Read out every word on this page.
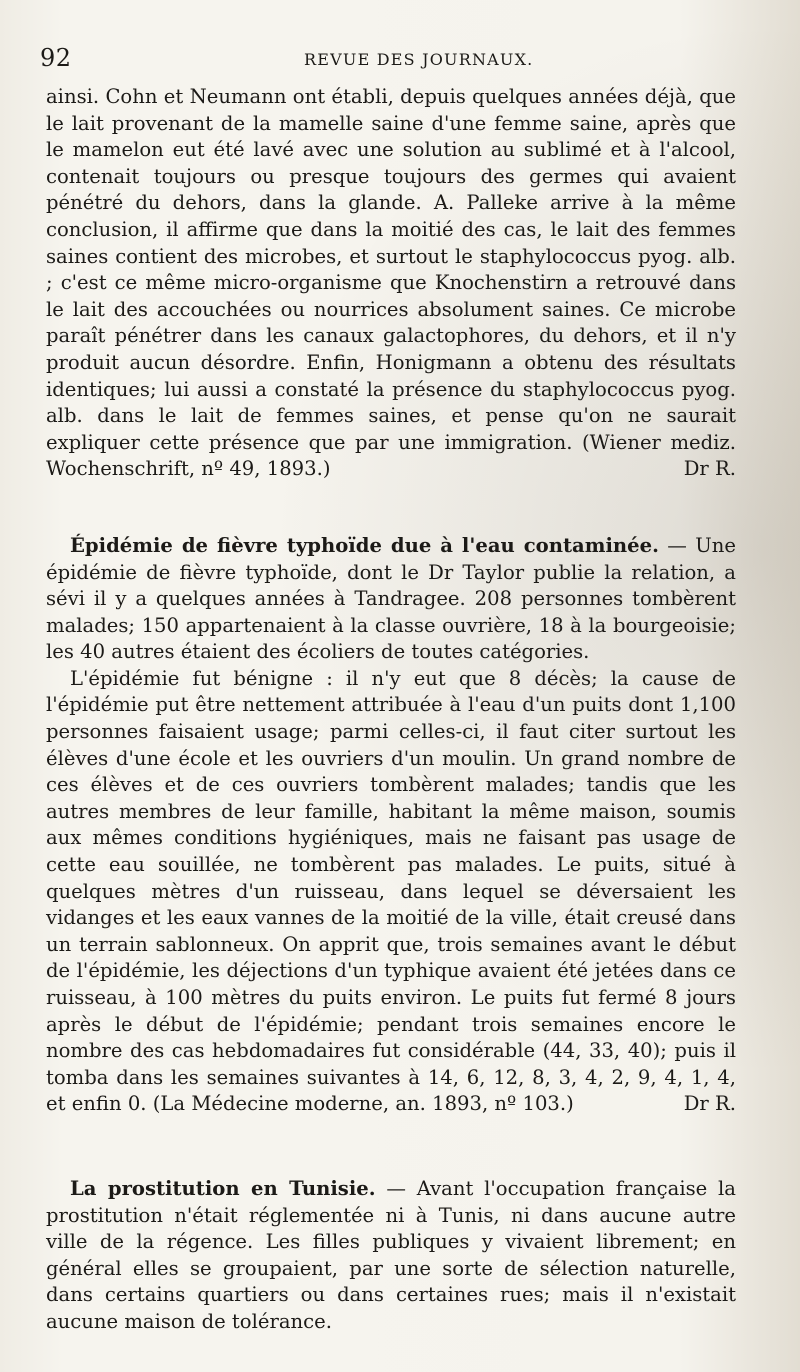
92	REVUE DES JOURNAUX.

ainsi. Cohn et Neumann ont établi, depuis quelques années déjà, que le lait provenant de la mamelle saine d'une femme saine, après que le mamelon eut été lavé avec une solution au sublimé et à l'alcool, contenait toujours ou presque toujours des germes qui avaient pénétré du dehors, dans la glande. A. Palleke arrive à la même conclusion, il affirme que dans la moitié des cas, le lait des femmes saines contient des microbes, et surtout le staphylococcus pyog. alb. ; c'est ce même micro-organisme que Knochenstirn a retrouvé dans le lait des accouchées ou nourrices absolument saines. Ce microbe paraît pénétrer dans les canaux galactophores, du dehors, et il n'y produit aucun désordre. Enfin, Honigmann a obtenu des résultats identiques; lui aussi a constaté la présence du staphylococcus pyog. alb. dans le lait de femmes saines, et pense qu'on ne saurait expliquer cette présence que par une immigration. (Wiener mediz. Wochenschrift, nº 49, 1893.)	Dr R.

Épidémie de fièvre typhoïde due à l'eau contaminée. — Une épidémie de fièvre typhoïde, dont le Dr Taylor publie la relation, a sévi il y a quelques années à Tandragee. 208 personnes tombèrent malades; 150 appartenaient à la classe ouvrière, 18 à la bourgeoisie; les 40 autres étaient des écoliers de toutes catégories.

L'épidémie fut bénigne : il n'y eut que 8 décès; la cause de l'épidémie put être nettement attribuée à l'eau d'un puits dont 1,100 personnes faisaient usage; parmi celles-ci, il faut citer surtout les élèves d'une école et les ouvriers d'un moulin. Un grand nombre de ces élèves et de ces ouvriers tombèrent malades; tandis que les autres membres de leur famille, habitant la même maison, soumis aux mêmes conditions hygiéniques, mais ne faisant pas usage de cette eau souillée, ne tombèrent pas malades. Le puits, situé à quelques mètres d'un ruisseau, dans lequel se déversaient les vidanges et les eaux vannes de la moitié de la ville, était creusé dans un terrain sablonneux. On apprit que, trois semaines avant le début de l'épidémie, les déjections d'un typhique avaient été jetées dans ce ruisseau, à 100 mètres du puits environ. Le puits fut fermé 8 jours après le début de l'épidémie; pendant trois semaines encore le nombre des cas hebdomadaires fut considérable (44, 33, 40); puis il tomba dans les semaines suivantes à 14, 6, 12, 8, 3, 4, 2, 9, 4, 1, 4, et enfin 0. (La Médecine moderne, an. 1893, nº 103.)	Dr R.

La prostitution en Tunisie. — Avant l'occupation française la prostitution n'était réglementée ni à Tunis, ni dans aucune autre ville de la régence. Les filles publiques y vivaient librement; en général elles se groupaient, par une sorte de sélection naturelle, dans certains quartiers ou dans certaines rues; mais il n'existait aucune maison de tolérance.
